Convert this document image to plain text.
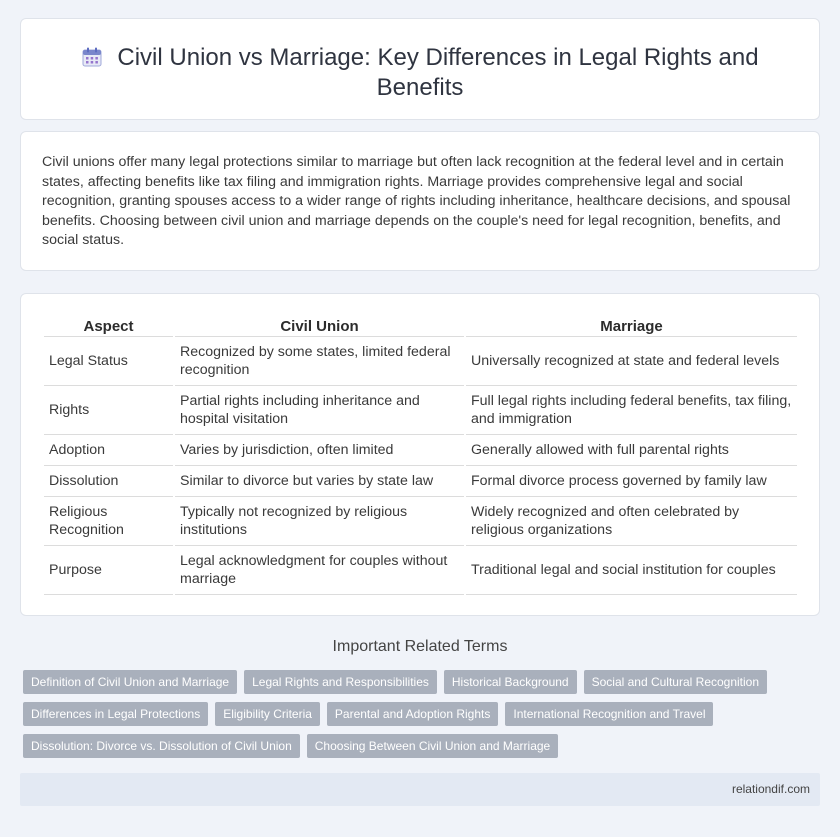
Civil Union vs Marriage: Key Differences in Legal Rights and
Benefits

Civil unions offer many legal protections similar to marriage but often lack recognition at the federal level and in certain states, affecting benefits like tax filing and immigration rights. Marriage provides comprehensive legal and social recognition, granting spouses access to a wider range of rights including inheritance, healthcare decisions, and spousal benefits. Choosing between civil union and marriage depends on the couple's need for legal recognition, benefits, and social status.

Aspect	Civil Union	Marriage
Legal Status	Recognized by some states, limited federal recognition	Universally recognized at state and federal levels
Rights	Partial rights including inheritance and hospital visitation	Full legal rights including federal benefits, tax filing, and immigration
Adoption	Varies by jurisdiction, often limited	Generally allowed with full parental rights
Dissolution	Similar to divorce but varies by state law	Formal divorce process governed by family law
Religious Recognition	Typically not recognized by religious institutions	Widely recognized and often celebrated by religious organizations
Purpose	Legal acknowledgment for couples without marriage	Traditional legal and social institution for couples
Important Related Terms
Definition of Civil Union and Marriage	Legal Rights and Responsibilities	Historical Background	Social and Cultural Recognition
Differences in Legal Protections	Eligibility Criteria	Parental and Adoption Rights	International Recognition and Travel
Dissolution: Divorce vs. Dissolution of Civil Union	Choosing Between Civil Union and Marriage
relationdif.com
